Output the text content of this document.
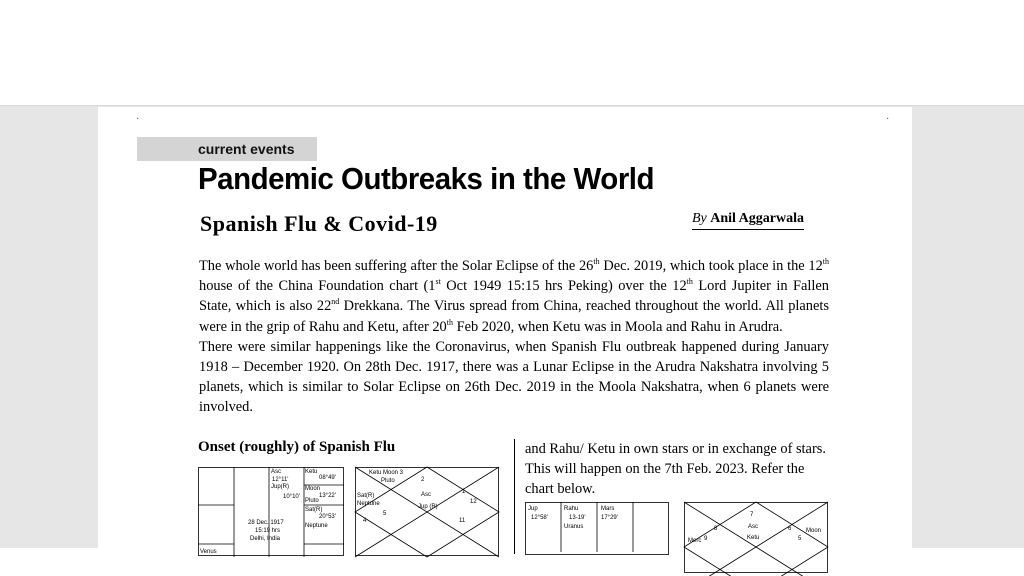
·	·
current events
Pandemic Outbreaks in the World
Spanish Flu & Covid-19	By Anil Aggarwala

The whole world has been suffering after the Solar Eclipse of the 26th Dec. 2019, which took place in the 12th house of the China Foundation chart (1st Oct 1949 15:15 hrs Peking) over the 12th Lord Jupiter in Fallen State, which is also 22nd Drekkana. The Virus spread from China, reached throughout the world. All planets were in the grip of Rahu and Ketu, after 20th Feb 2020, when Ketu was in Moola and Rahu in Arudra.

There were similar happenings like the Coronavirus, when Spanish Flu outbreak happened during January 1918 – December 1920. On 28th Dec. 1917, there was a Lunar Eclipse in the Arudra Nakshatra involving 5 planets, which is similar to Solar Eclipse on 26th Dec. 2019 in the Moola Nakshatra, when 6 planets were involved.

Onset (roughly) of Spanish Flu
Asc
12°11'
Jup(R)
10°10'
Ketu
08°49'
Moon
13°22'
Pluto
Sat(R)
20°53'
Neptune
28 Dec. 1917
15:19 hrs
Delhi, India
Venus
Ketu Moon 3
Pluto	2
Sat(R)
Neptune
Asc
Jup (R)
1
12
4
5
11

and Rahu/ Ketu in own stars or in exchange of stars. This will happen on the 7th Feb. 2023. Refer the chart below.

Jup
12°58'
Rahu
13-19'
Uranus
Mars
17°29'	7
8	6 Moon
Asc
Ketu
Merc 9	5
